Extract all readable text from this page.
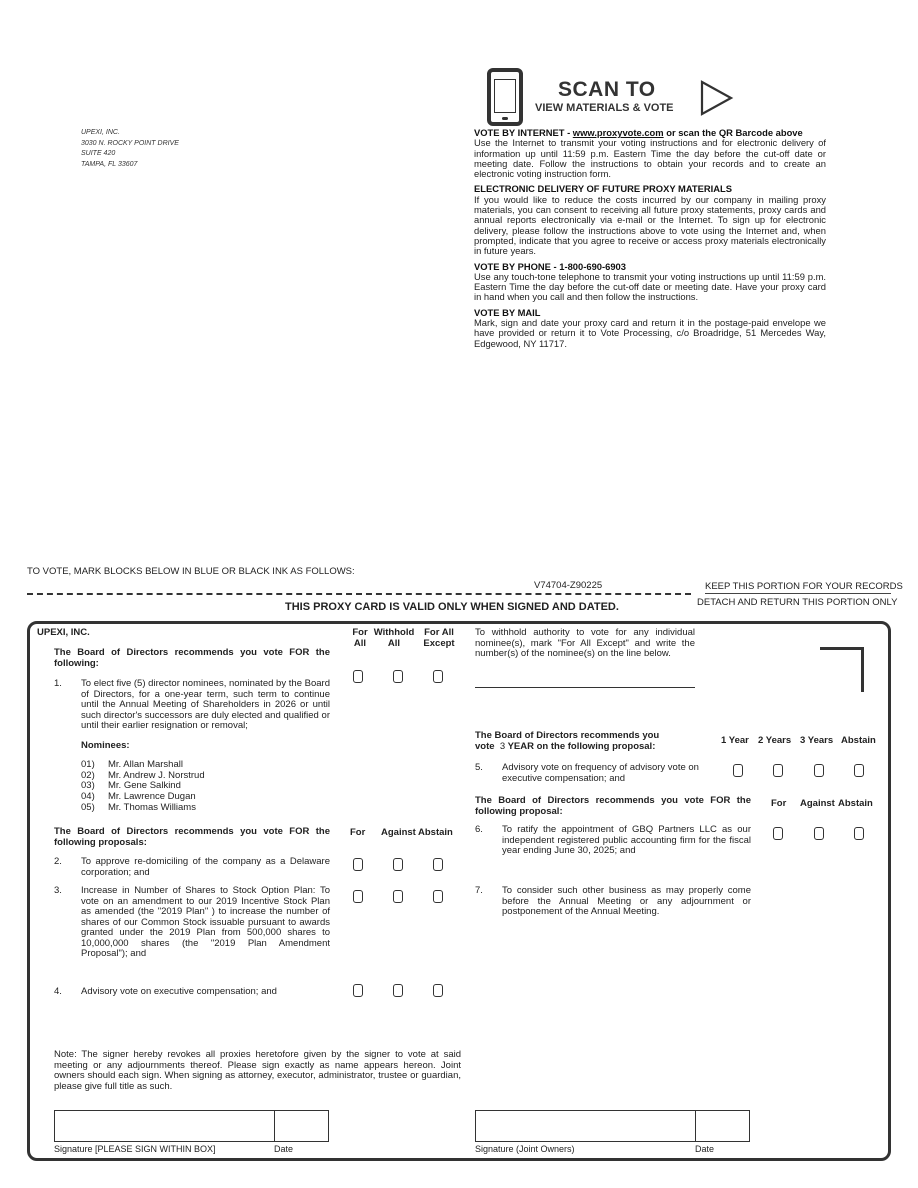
UPEXI, INC.
3030 N. ROCKY POINT DRIVE
SUITE 420
TAMPA, FL 33607
SCAN TO
VIEW MATERIALS & VOTE
VOTE BY INTERNET - www.proxyvote.com or scan the QR Barcode above
Use the Internet to transmit your voting instructions and for electronic delivery of information up until 11:59 p.m. Eastern Time the day before the cut-off date or meeting date. Follow the instructions to obtain your records and to create an electronic voting instruction form.
ELECTRONIC DELIVERY OF FUTURE PROXY MATERIALS
If you would like to reduce the costs incurred by our company in mailing proxy materials, you can consent to receiving all future proxy statements, proxy cards and annual reports electronically via e-mail or the Internet. To sign up for electronic delivery, please follow the instructions above to vote using the Internet and, when prompted, indicate that you agree to receive or access proxy materials electronically in future years.
VOTE BY PHONE - 1-800-690-6903
Use any touch-tone telephone to transmit your voting instructions up until 11:59 p.m. Eastern Time the day before the cut-off date or meeting date. Have your proxy card in hand when you call and then follow the instructions.
VOTE BY MAIL
Mark, sign and date your proxy card and return it in the postage-paid envelope we have provided or return it to Vote Processing, c/o Broadridge, 51 Mercedes Way, Edgewood, NY 11717.
TO VOTE, MARK BLOCKS BELOW IN BLUE OR BLACK INK AS FOLLOWS:
V74704-Z90225	KEEP THIS PORTION FOR YOUR RECORDS
DETACH AND RETURN THIS PORTION ONLY
THIS PROXY CARD IS VALID ONLY WHEN SIGNED AND DATED.
UPEXI, INC.
The Board of Directors recommends you vote FOR the following:
For All
Withhold All
For All Except
To withhold authority to vote for any individual nominee(s), mark "For All Except" and write the number(s) of the nominee(s) on the line below.
1. To elect five (5) director nominees, nominated by the Board of Directors, for a one-year term, such term to continue until the Annual Meeting of Shareholders in 2026 or until such director's successors are duly elected and qualified or until their earlier resignation or removal;
Nominees:
01) Mr. Allan Marshall
02) Mr. Andrew J. Norstrud
03) Mr. Gene Salkind
04) Mr. Lawrence Dugan
05) Mr. Thomas Williams
The Board of Directors recommends you vote FOR the following proposals:
For Against Abstain
2. To approve re-domiciling of the company as a Delaware corporation; and
3. Increase in Number of Shares to Stock Option Plan: To vote on an amendment to our 2019 Incentive Stock Plan as amended (the "2019 Plan" ) to increase the number of shares of our Common Stock issuable pursuant to awards granted under the 2019 Plan from 500,000 shares to 10,000,000 shares (the "2019 Plan Amendment Proposal"); and
4. Advisory vote on executive compensation; and
The Board of Directors recommends you
vote 3 YEAR on the following proposal:	1 Year 2 Years 3 Years Abstain
5. Advisory vote on frequency of advisory vote on executive compensation; and
The Board of Directors recommends you vote FOR the following proposal:
For Against Abstain
6. To ratify the appointment of GBQ Partners LLC as our independent registered public accounting firm for the fiscal year ending June 30, 2025; and
7. To consider such other business as may properly come before the Annual Meeting or any adjournment or postponement of the Annual Meeting.
Note: The signer hereby revokes all proxies heretofore given by the signer to vote at said meeting or any adjournments thereof. Please sign exactly as name appears hereon. Joint owners should each sign. When signing as attorney, executor, administrator, trustee or guardian, please give full title as such.
Signature [PLEASE SIGN WITHIN BOX]	Date	Signature (Joint Owners)	Date
